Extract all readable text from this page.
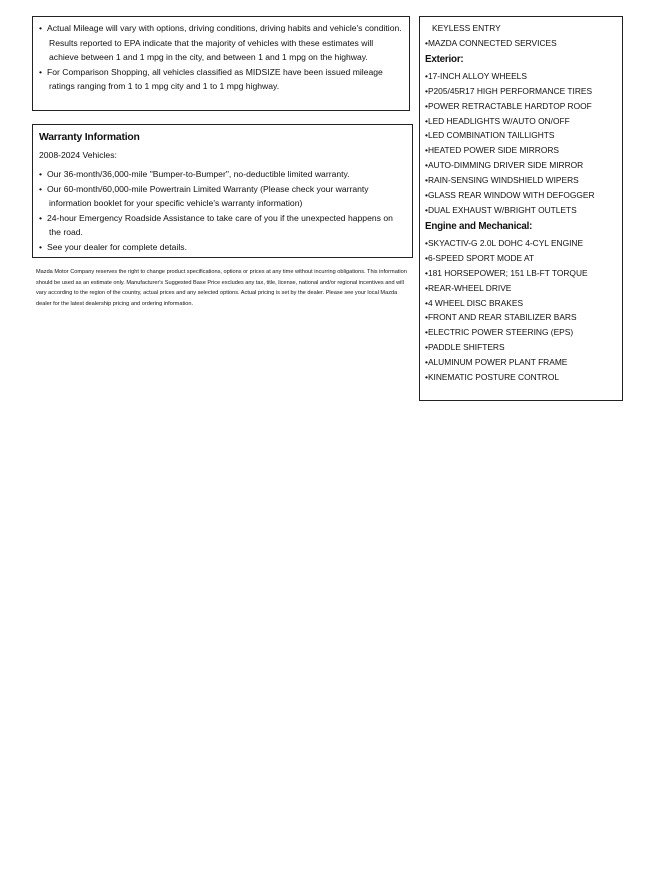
• Actual Mileage will vary with options, driving conditions, driving habits and vehicle's condition. Results reported to EPA indicate that the majority of vehicles with these estimates will achieve between 1 and 1 mpg in the city, and between 1 and 1 mpg on the highway.

• For Comparison Shopping, all vehicles classified as MIDSIZE have been issued mileage ratings ranging from 1 to 1 mpg city and 1 to 1 mpg highway.

Warranty Information
2008-2024 Vehicles:

• Our 36-month/36,000-mile "Bumper-to-Bumper", no-deductible limited warranty.

• Our 60-month/60,000-mile Powertrain Limited Warranty (Please check your warranty information booklet for your specific vehicle's warranty information)

• 24-hour Emergency Roadside Assistance to take care of you if the unexpected happens on the road.

• See your dealer for complete details.

Mazda Motor Company reserves the right to change product specifications, options or prices at any time without incurring obligations. This information should be used as an estimate only. Manufacturer's Suggested Base Price excludes any tax, title, license, national and/or regional incentives and will vary according to the region of the country, actual prices and any selected options. Actual pricing is set by the dealer. Please see your local Mazda dealer for the latest dealership pricing and ordering information.

KEYLESS ENTRY

•MAZDA CONNECTED SERVICES

Exterior:

•17-INCH ALLOY WHEELS

•P205/45R17 HIGH PERFORMANCE TIRES

•POWER RETRACTABLE HARDTOP ROOF

•LED HEADLIGHTS W/AUTO ON/OFF

•LED COMBINATION TAILLIGHTS

•HEATED POWER SIDE MIRRORS

•AUTO-DIMMING DRIVER SIDE MIRROR

•RAIN-SENSING WINDSHIELD WIPERS

•GLASS REAR WINDOW WITH DEFOGGER

•DUAL EXHAUST W/BRIGHT OUTLETS

Engine and Mechanical:

•SKYACTIV-G 2.0L DOHC 4-CYL ENGINE

•6-SPEED SPORT MODE AT

•181 HORSEPOWER; 151 LB-FT TORQUE

•REAR-WHEEL DRIVE

•4 WHEEL DISC BRAKES

•FRONT AND REAR STABILIZER BARS

•ELECTRIC POWER STEERING (EPS)

•PADDLE SHIFTERS

•ALUMINUM POWER PLANT FRAME

•KINEMATIC POSTURE CONTROL
